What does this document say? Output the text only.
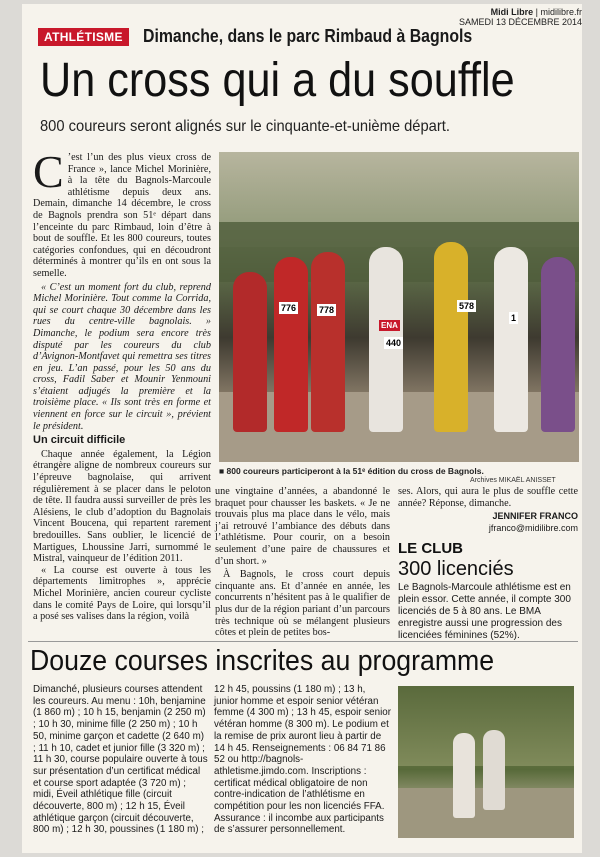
Midi Libre | midilibre.fr
SAMEDI 13 DÉCEMBRE 2014
ATHLÉTISME	Dimanche, dans le parc Rimbaud à Bagnols
Un cross qui a du souffle
800 coureurs seront alignés sur le cinquante-et-unième départ.
C ’est l’un des plus vieux cross de France », lance Michel Morinière, à la tête du Bagnols-Marcoule athlétisme depuis deux ans. Demain, dimanche 14 décembre, le cross de Bagnols prendra son 51ᵉ départ dans l’enceinte du parc Rimbaud, loin d’être à bout de souffle. Et les 800 coureurs, toutes catégories confondues, qui en découdront déterminés à montrer qu’ils en ont sous la semelle.

« C’est un moment fort du club, reprend Michel Morinière. Tout comme la Corrida, qui se court chaque 30 décembre dans les rues du centre-ville bagnolais. » Dimanche, le podium sera encore très disputé par les coureurs du club d’Avignon-Montfavet qui remettra ses titres en jeu. L’an passé, pour les 50 ans du cross, Fadil Saber et Mounir Yenmouni s’étaient adjugés la première et la troisième place. « Ils sont très en forme et viennent en force sur le circuit », prévient le président.

Un circuit difficile

Chaque année également, la Légion étrangère aligne de nombreux coureurs sur l’épreuve bagnolaise, qui arrivent régulièrement à se placer dans le peloton de tête. Il faudra aussi surveiller de près les Alésiens, le club d’adoption du Bagnolais Vincent Boucena, qui repartent rarement bredouilles. Sans oublier, le licencié de Martigues, Lhoussine Jarri, surnommé le Mistral, vainqueur de l’édition 2011.

« La course est ouverte à tous les départements limitrophes », apprécie Michel Morinière, ancien coureur cycliste dans le comité Pays de Loire, qui lorsqu’il a posé ses valises dans la région, voilà

776	778
ENA
440
578
1
■ 800 coureurs participeront à la 51ᵉ édition du cross de Bagnols.
Archives MIKAËL ANISSET
une vingtaine d’années, a abandonné le braquet pour chausser les baskets. « Je ne trouvais plus ma place dans le vélo, mais j’ai retrouvé l’ambiance des débuts dans l’athlétisme. Pour courir, on a besoin seulement d’une paire de chaussures et d’un short. »

À Bagnols, le cross court depuis cinquante ans. Et d’année en année, les concurrents n’hésitent pas à le qualifier de plus dur de la région pariant d’un parcours très technique où se mélangent plusieurs côtes et plein de petites bos-

ses. Alors, qui aura le plus de souffle cette année? Réponse, dimanche.
JENNIFER FRANCO
jfranco@midilibre.com
LE CLUB
300 licenciés
Le Bagnols-Marcoule athlétisme est en plein essor. Cette année, il compte 300 licenciés de 5 à 80 ans. Le BMA enregistre aussi une progression des licenciées féminines (52%).
Douze courses inscrites au programme
Dimanché, plusieurs courses attendent les coureurs. Au menu : 10h, benjamine (1 860 m) ; 10 h 15, benjamin (2 250 m) ; 10 h 30, minime fille (2 250 m) ; 10 h 50, minime garçon et cadette (2 640 m) ; 11 h 10, cadet et junior fille (3 320 m) ; 11 h 30, course populaire ouverte à tous sur présentation d’un certificat médical et course sport adaptée (3 720 m) ; midi, Éveil athlétique fille (circuit découverte, 800 m) ; 12 h 15, Éveil athlétique garçon (circuit découverte, 800 m) ; 12 h 30, poussines (1 180 m) ;
12 h 45, poussins (1 180 m) ; 13 h, junior homme et espoir senior vétéran femme (4 300 m) ; 13 h 45, espoir senior vétéran homme (8 300 m). Le podium et la remise de prix auront lieu à partir de 14 h 45. Renseignements : 06 84 71 86 52 ou http://bagnols-athletisme.jimdo.com. Inscriptions : certificat médical obligatoire de non contre-indication de l’athlétisme en compétition pour les non licenciés FFA. Assurance : il incombe aux participants de s’assurer personnellement.
